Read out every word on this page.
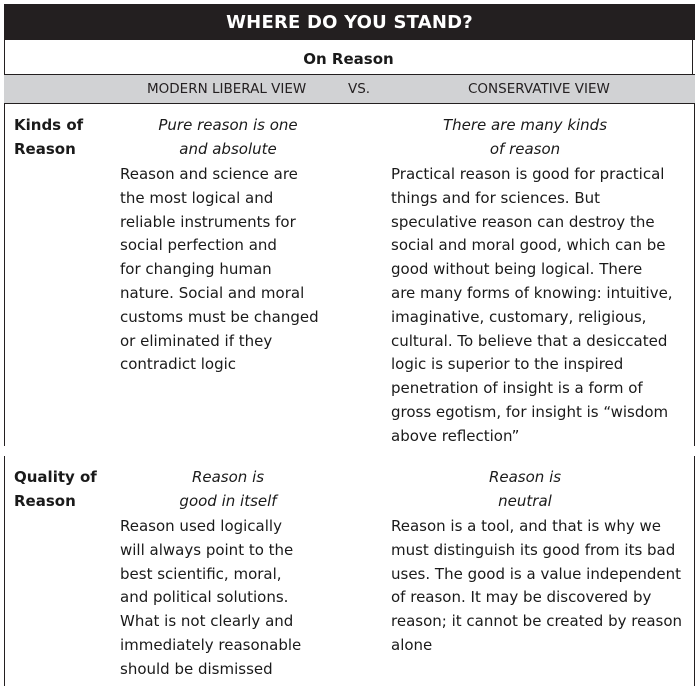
WHERE DO YOU STAND?
On Reason
MODERN LIBERAL VIEW	VS.	CONSERVATIVE VIEW
Kinds of
Reason
Pure reason is one
and absolute
There are many kinds
of reason
Reason and science are
the most logical and
reliable instruments for
social perfection and
for changing human
nature. Social and moral
customs must be changed
or eliminated if they
contradict logic
Practical reason is good for practical
things and for sciences. But
speculative reason can destroy the
social and moral good, which can be
good without being logical. There
are many forms of knowing: intuitive,
imaginative, customary, religious,
cultural. To believe that a desiccated
logic is superior to the inspired
penetration of insight is a form of
gross egotism, for insight is “wisdom
above reflection”
Quality of
Reason
Reason is
good in itself
Reason is
neutral
Reason used logically
will always point to the
best scientific, moral,
and political solutions.
What is not clearly and
immediately reasonable
should be dismissed
Reason is a tool, and that is why we
must distinguish its good from its bad
uses. The good is a value independent
of reason. It may be discovered by
reason; it cannot be created by reason
alone
